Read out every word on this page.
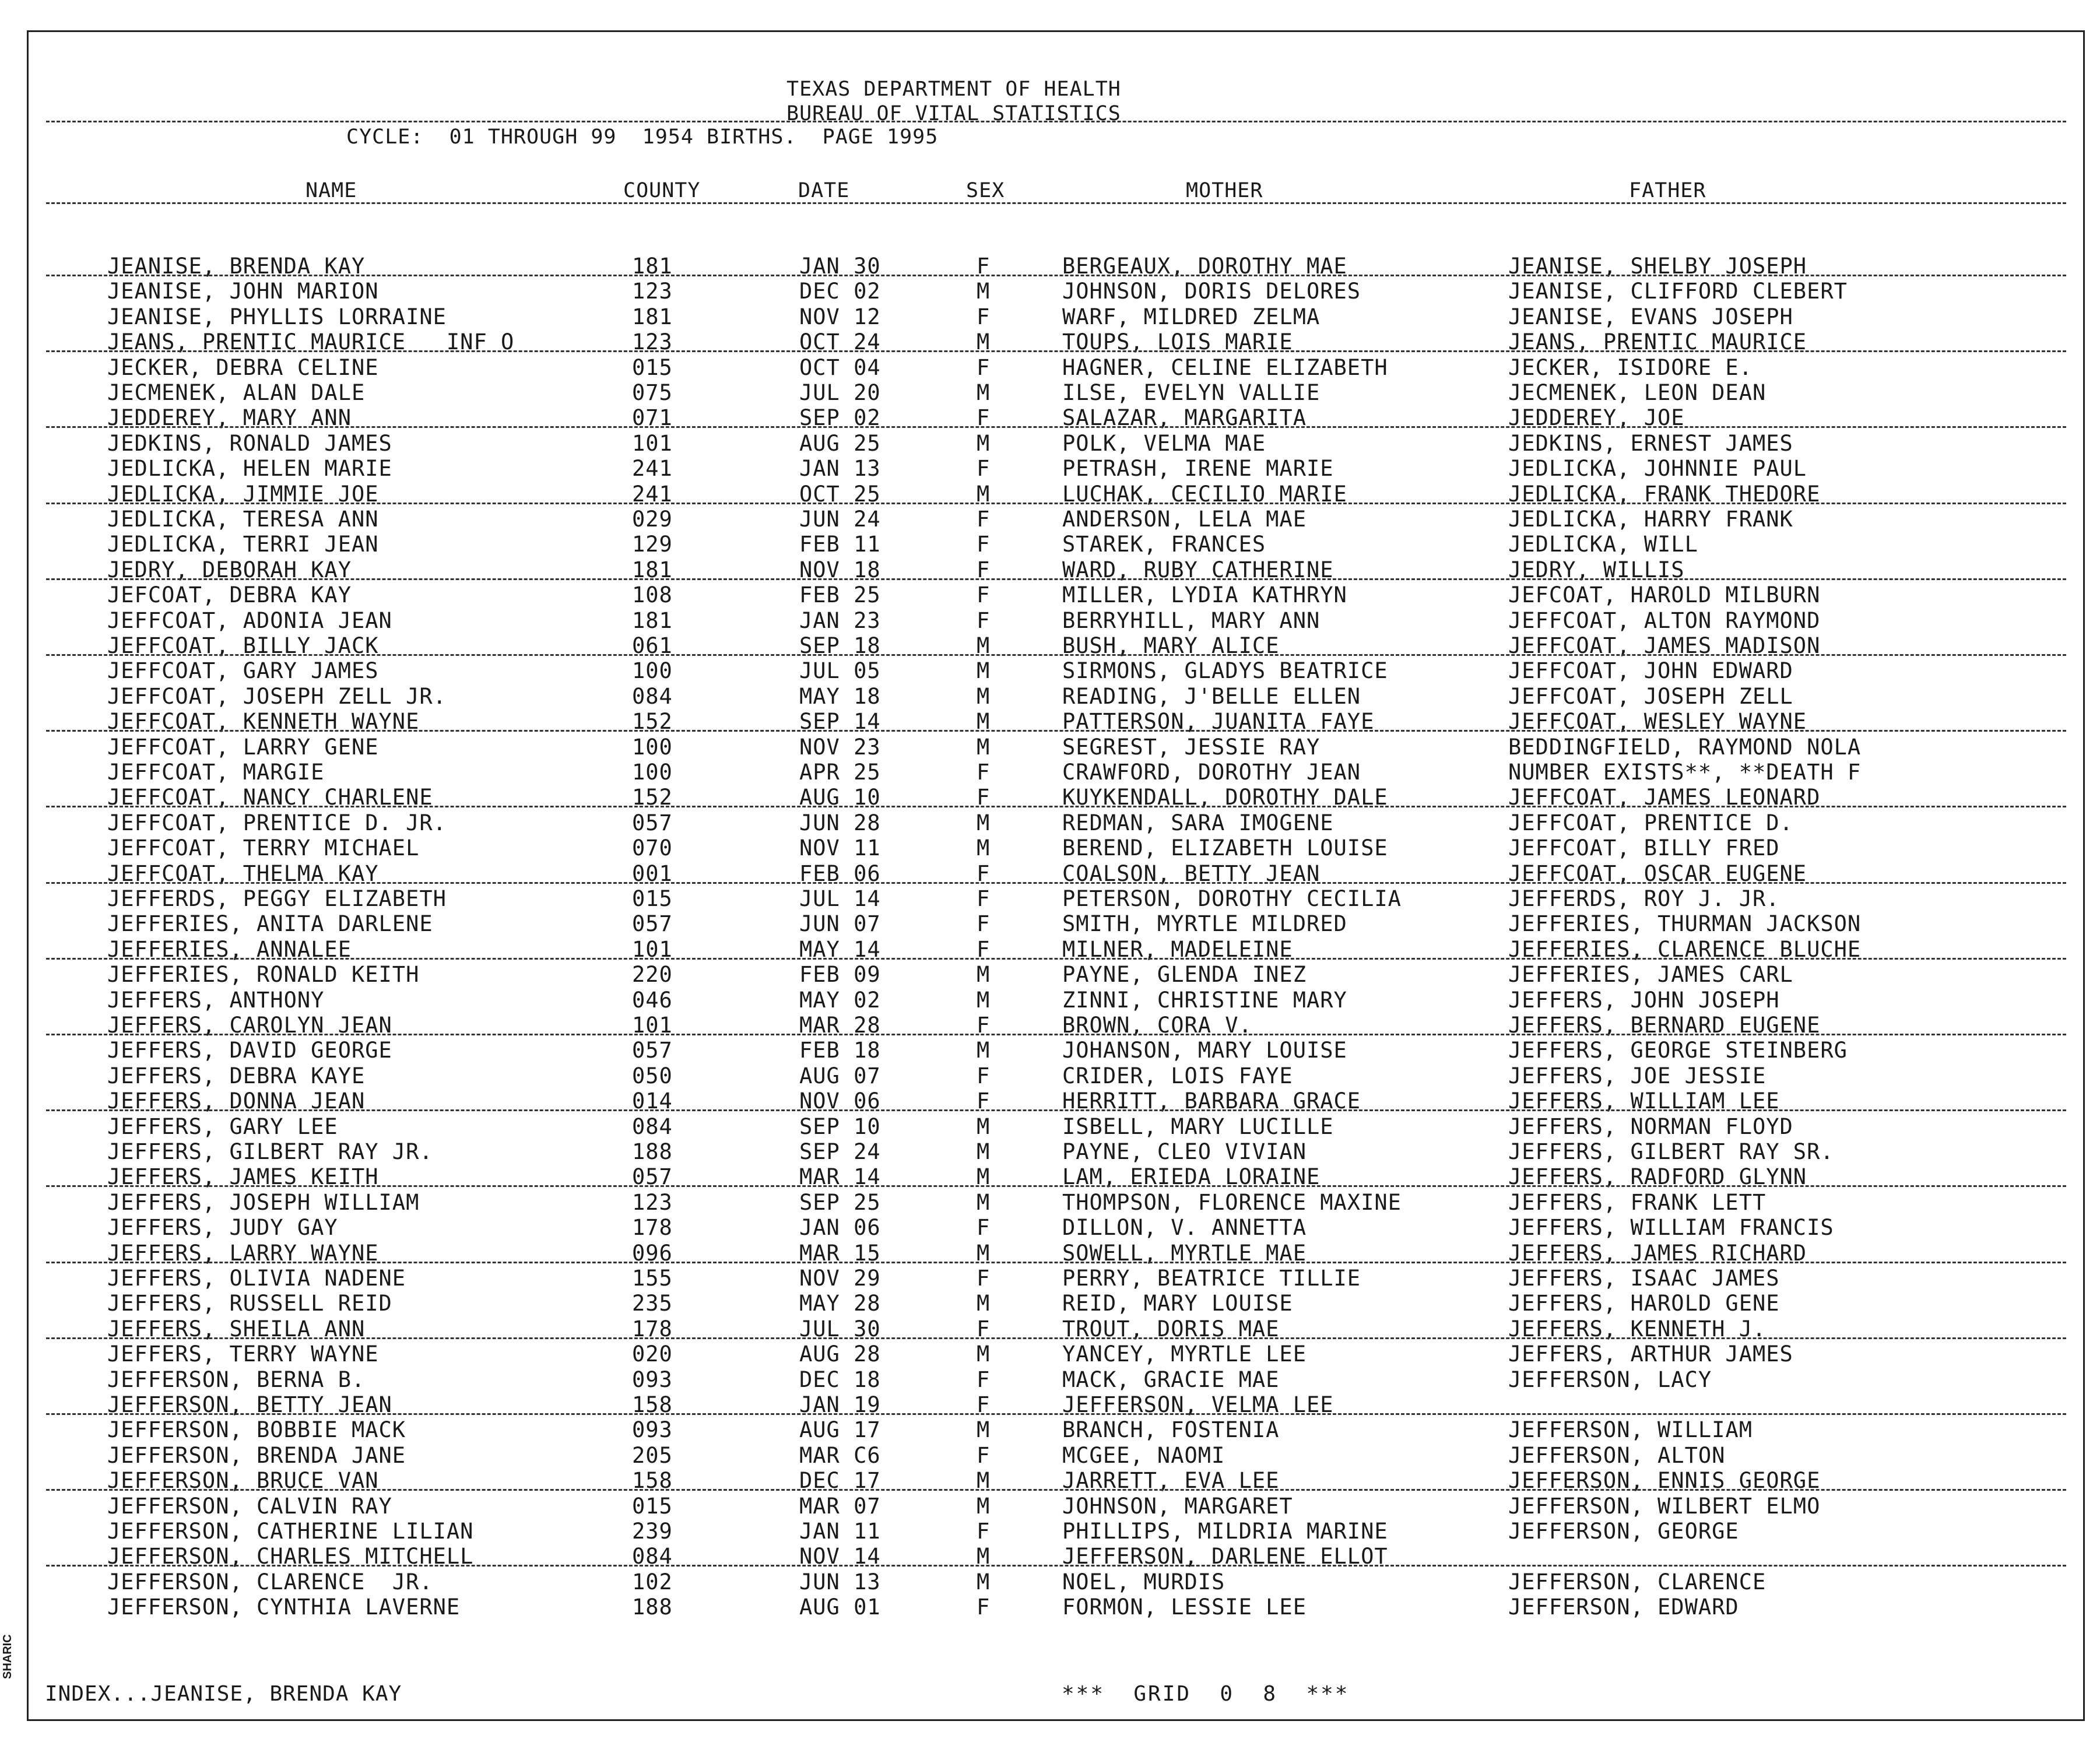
TEXAS DEPARTMENT OF HEALTH
BUREAU OF VITAL STATISTICS
CYCLE:  01 THROUGH 99  1954 BIRTHS.  PAGE 1995
NAME	COUNTY	DATE	SEX	MOTHER	FATHER
JEANISE, BRENDA KAY	181	JAN 30	F	BERGEAUX, DOROTHY MAE	JEANISE, SHELBY JOSEPH
JEANISE, JOHN MARION	123	DEC 02	M	JOHNSON, DORIS DELORES	JEANISE, CLIFFORD CLEBERT
JEANISE, PHYLLIS LORRAINE	181	NOV 12	F	WARF, MILDRED ZELMA	JEANISE, EVANS JOSEPH
JEANS, PRENTIC MAURICE   INF O	123	OCT 24	M	TOUPS, LOIS MARIE	JEANS, PRENTIC MAURICE
JECKER, DEBRA CELINE	015	OCT 04	F	HAGNER, CELINE ELIZABETH	JECKER, ISIDORE E.
JECMENEK, ALAN DALE	075	JUL 20	M	ILSE, EVELYN VALLIE	JECMENEK, LEON DEAN
JEDDEREY, MARY ANN	071	SEP 02	F	SALAZAR, MARGARITA	JEDDEREY, JOE
JEDKINS, RONALD JAMES	101	AUG 25	M	POLK, VELMA MAE	JEDKINS, ERNEST JAMES
JEDLICKA, HELEN MARIE	241	JAN 13	F	PETRASH, IRENE MARIE	JEDLICKA, JOHNNIE PAUL
JEDLICKA, JIMMIE JOE	241	OCT 25	M	LUCHAK, CECILIO MARIE	JEDLICKA, FRANK THEDORE
JEDLICKA, TERESA ANN	029	JUN 24	F	ANDERSON, LELA MAE	JEDLICKA, HARRY FRANK
JEDLICKA, TERRI JEAN	129	FEB 11	F	STAREK, FRANCES	JEDLICKA, WILL
JEDRY, DEBORAH KAY	181	NOV 18	F	WARD, RUBY CATHERINE	JEDRY, WILLIS
JEFCOAT, DEBRA KAY	108	FEB 25	F	MILLER, LYDIA KATHRYN	JEFCOAT, HAROLD MILBURN
JEFFCOAT, ADONIA JEAN	181	JAN 23	F	BERRYHILL, MARY ANN	JEFFCOAT, ALTON RAYMOND
JEFFCOAT, BILLY JACK	061	SEP 18	M	BUSH, MARY ALICE	JEFFCOAT, JAMES MADISON
JEFFCOAT, GARY JAMES	100	JUL 05	M	SIRMONS, GLADYS BEATRICE	JEFFCOAT, JOHN EDWARD
JEFFCOAT, JOSEPH ZELL JR.	084	MAY 18	M	READING, J'BELLE ELLEN	JEFFCOAT, JOSEPH ZELL
JEFFCOAT, KENNETH WAYNE	152	SEP 14	M	PATTERSON, JUANITA FAYE	JEFFCOAT, WESLEY WAYNE
JEFFCOAT, LARRY GENE	100	NOV 23	M	SEGREST, JESSIE RAY	BEDDINGFIELD, RAYMOND NOLA
JEFFCOAT, MARGIE	100	APR 25	F	CRAWFORD, DOROTHY JEAN	NUMBER EXISTS**, **DEATH F
JEFFCOAT, NANCY CHARLENE	152	AUG 10	F	KUYKENDALL, DOROTHY DALE	JEFFCOAT, JAMES LEONARD
JEFFCOAT, PRENTICE D. JR.	057	JUN 28	M	REDMAN, SARA IMOGENE	JEFFCOAT, PRENTICE D.
JEFFCOAT, TERRY MICHAEL	070	NOV 11	M	BEREND, ELIZABETH LOUISE	JEFFCOAT, BILLY FRED
JEFFCOAT, THELMA KAY	001	FEB 06	F	COALSON, BETTY JEAN	JEFFCOAT, OSCAR EUGENE
JEFFERDS, PEGGY ELIZABETH	015	JUL 14	F	PETERSON, DOROTHY CECILIA	JEFFERDS, ROY J. JR.
JEFFERIES, ANITA DARLENE	057	JUN 07	F	SMITH, MYRTLE MILDRED	JEFFERIES, THURMAN JACKSON
JEFFERIES, ANNALEE	101	MAY 14	F	MILNER, MADELEINE	JEFFERIES, CLARENCE BLUCHE
JEFFERIES, RONALD KEITH	220	FEB 09	M	PAYNE, GLENDA INEZ	JEFFERIES, JAMES CARL
JEFFERS, ANTHONY	046	MAY 02	M	ZINNI, CHRISTINE MARY	JEFFERS, JOHN JOSEPH
JEFFERS, CAROLYN JEAN	101	MAR 28	F	BROWN, CORA V.	JEFFERS, BERNARD EUGENE
JEFFERS, DAVID GEORGE	057	FEB 18	M	JOHANSON, MARY LOUISE	JEFFERS, GEORGE STEINBERG
JEFFERS, DEBRA KAYE	050	AUG 07	F	CRIDER, LOIS FAYE	JEFFERS, JOE JESSIE
JEFFERS, DONNA JEAN	014	NOV 06	F	HERRITT, BARBARA GRACE	JEFFERS, WILLIAM LEE
JEFFERS, GARY LEE	084	SEP 10	M	ISBELL, MARY LUCILLE	JEFFERS, NORMAN FLOYD
JEFFERS, GILBERT RAY JR.	188	SEP 24	M	PAYNE, CLEO VIVIAN	JEFFERS, GILBERT RAY SR.
JEFFERS, JAMES KEITH	057	MAR 14	M	LAM, ERIEDA LORAINE	JEFFERS, RADFORD GLYNN
JEFFERS, JOSEPH WILLIAM	123	SEP 25	M	THOMPSON, FLORENCE MAXINE	JEFFERS, FRANK LETT
JEFFERS, JUDY GAY	178	JAN 06	F	DILLON, V. ANNETTA	JEFFERS, WILLIAM FRANCIS
JEFFERS, LARRY WAYNE	096	MAR 15	M	SOWELL, MYRTLE MAE	JEFFERS, JAMES RICHARD
JEFFERS, OLIVIA NADENE	155	NOV 29	F	PERRY, BEATRICE TILLIE	JEFFERS, ISAAC JAMES
JEFFERS, RUSSELL REID	235	MAY 28	M	REID, MARY LOUISE	JEFFERS, HAROLD GENE
JEFFERS, SHEILA ANN	178	JUL 30	F	TROUT, DORIS MAE	JEFFERS, KENNETH J.
JEFFERS, TERRY WAYNE	020	AUG 28	M	YANCEY, MYRTLE LEE	JEFFERS, ARTHUR JAMES
JEFFERSON, BERNA B.	093	DEC 18	F	MACK, GRACIE MAE	JEFFERSON, LACY
JEFFERSON, BETTY JEAN	158	JAN 19	F	JEFFERSON, VELMA LEE
JEFFERSON, BOBBIE MACK	093	AUG 17	M	BRANCH, FOSTENIA	JEFFERSON, WILLIAM
JEFFERSON, BRENDA JANE	205	MAR C6	F	MCGEE, NAOMI	JEFFERSON, ALTON
JEFFERSON, BRUCE VAN	158	DEC 17	M	JARRETT, EVA LEE	JEFFERSON, ENNIS GEORGE
JEFFERSON, CALVIN RAY	015	MAR 07	M	JOHNSON, MARGARET	JEFFERSON, WILBERT ELMO
JEFFERSON, CATHERINE LILIAN	239	JAN 11	F	PHILLIPS, MILDRIA MARINE	JEFFERSON, GEORGE
JEFFERSON, CHARLES MITCHELL	084	NOV 14	M	JEFFERSON, DARLENE ELLOT
JEFFERSON, CLARENCE  JR.	102	JUN 13	M	NOEL, MURDIS	JEFFERSON, CLARENCE
JEFFERSON, CYNTHIA LAVERNE	188	AUG 01	F	FORMON, LESSIE LEE	JEFFERSON, EDWARD
INDEX...JEANISE, BRENDA KAY	***  GRID  0  8  ***
SHARIC
